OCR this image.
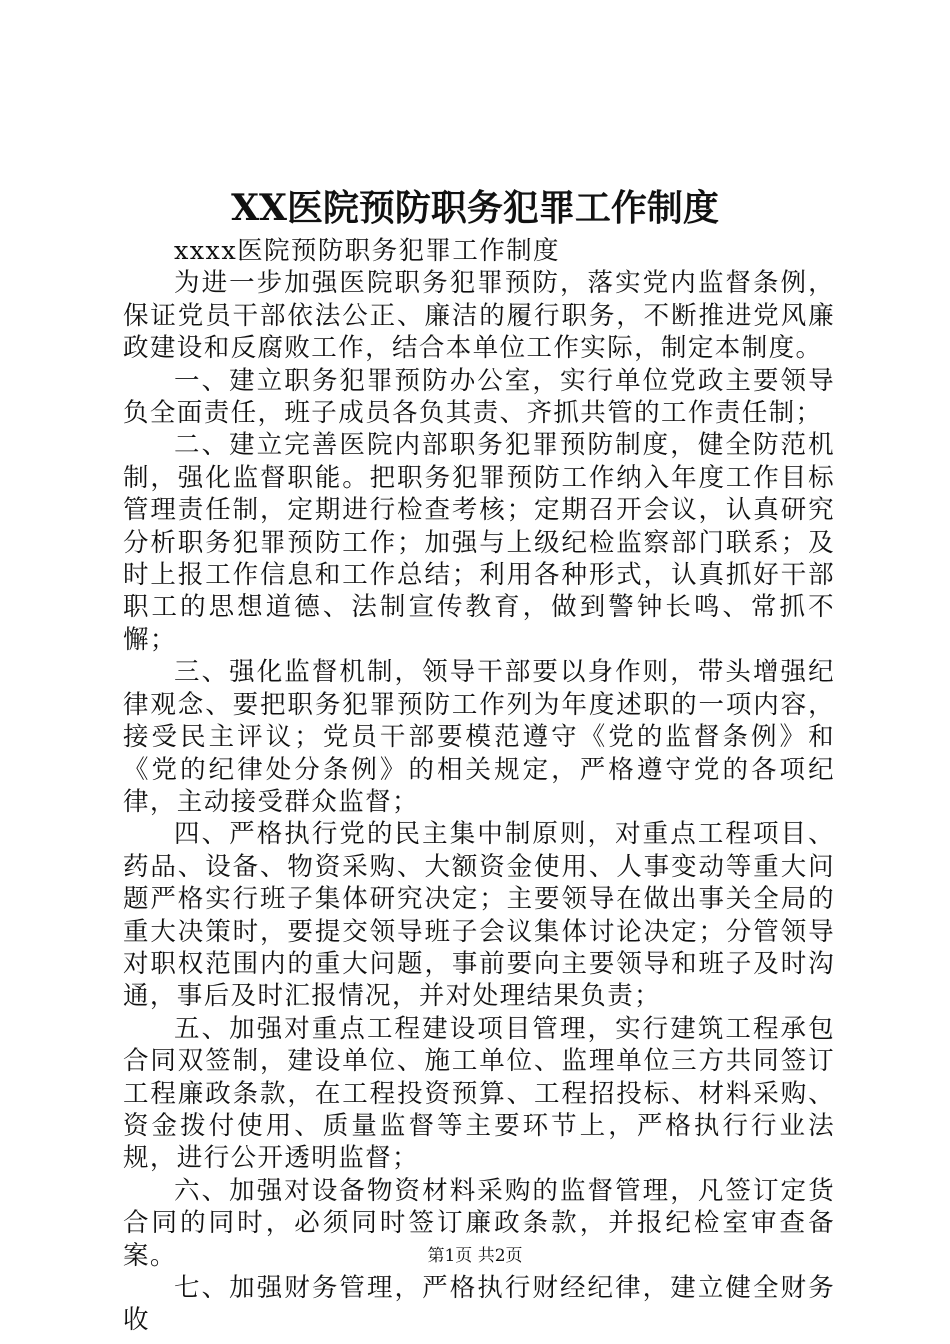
XX医院预防职务犯罪工作制度

xxxx医院预防职务犯罪工作制度

为进一步加强医院职务犯罪预防，落实党内监督条例，保证党员干部依法公正、廉洁的履行职务，不断推进党风廉政建设和反腐败工作，结合本单位工作实际，制定本制度。

一、建立职务犯罪预防办公室，实行单位党政主要领导负全面责任，班子成员各负其责、齐抓共管的工作责任制；

二、建立完善医院内部职务犯罪预防制度，健全防范机制，强化监督职能。把职务犯罪预防工作纳入年度工作目标管理责任制，定期进行检查考核；定期召开会议，认真研究分析职务犯罪预防工作；加强与上级纪检监察部门联系；及时上报工作信息和工作总结；利用各种形式，认真抓好干部职工的思想道德、法制宣传教育，做到警钟长鸣、常抓不懈；

三、强化监督机制，领导干部要以身作则，带头增强纪律观念、要把职务犯罪预防工作列为年度述职的一项内容，接受民主评议；党员干部要模范遵守《党的监督条例》和《党的纪律处分条例》的相关规定，严格遵守党的各项纪律，主动接受群众监督；

四、严格执行党的民主集中制原则，对重点工程项目、药品、设备、物资采购、大额资金使用、人事变动等重大问题严格实行班子集体研究决定；主要领导在做出事关全局的重大决策时，要提交领导班子会议集体讨论决定；分管领导对职权范围内的重大问题，事前要向主要领导和班子及时沟通，事后及时汇报情况，并对处理结果负责；

五、加强对重点工程建设项目管理，实行建筑工程承包合同双签制，建设单位、施工单位、监理单位三方共同签订工程廉政条款，在工程投资预算、工程招投标、材料采购、资金拨付使用、质量监督等主要环节上，严格执行行业法规，进行公开透明监督；

六、加强对设备物资材料采购的监督管理，凡签订定货合同的同时，必须同时签订廉政条款，并报纪检室审查备案。

七、加强财务管理，严格执行财经纪律，建立健全财务收

第1页 共2页
